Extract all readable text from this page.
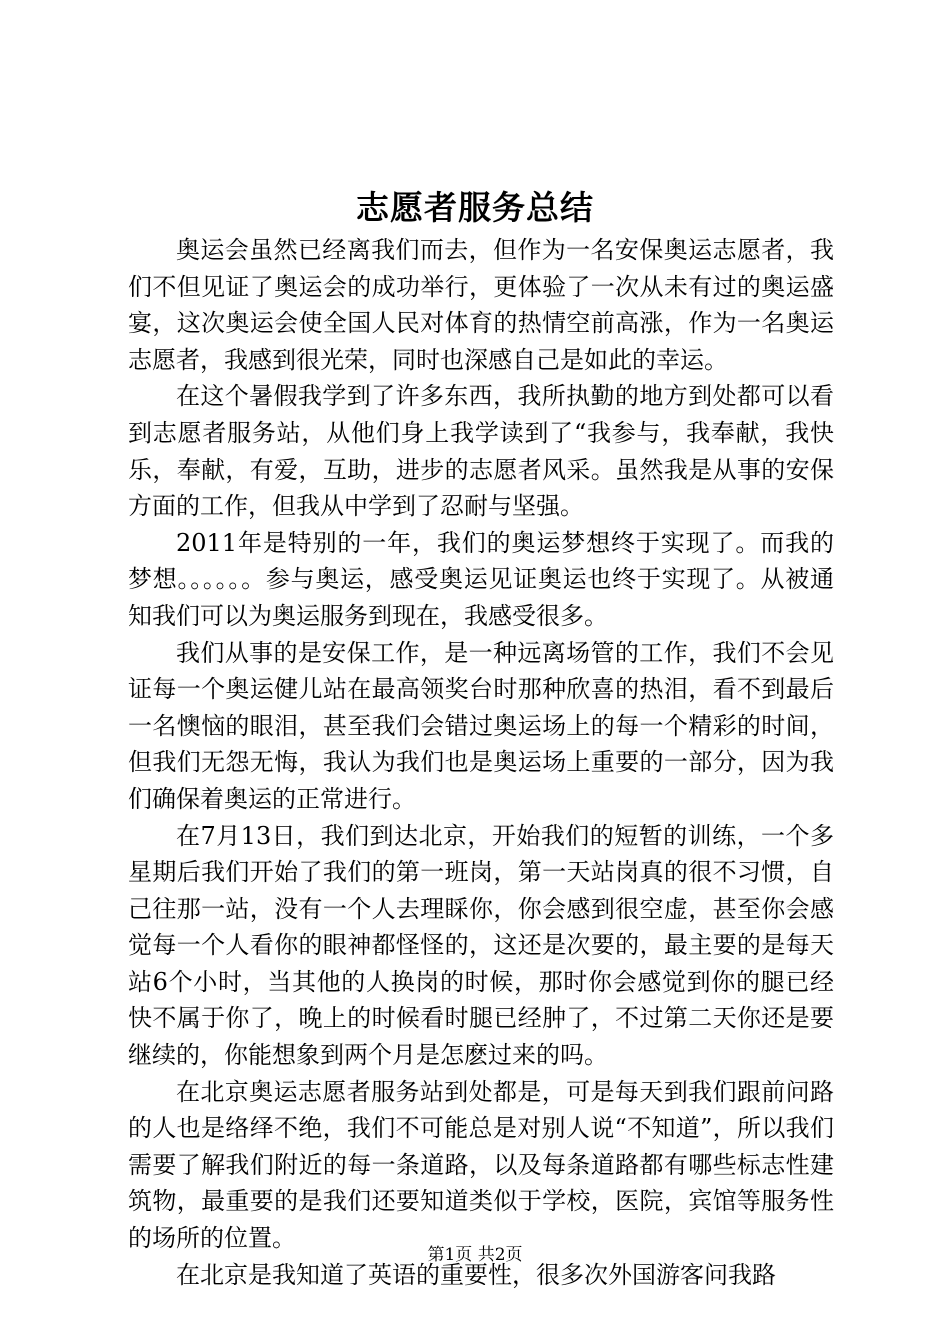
志愿者服务总结

奥运会虽然已经离我们而去，但作为一名安保奥运志愿者，我们不但见证了奥运会的成功举行，更体验了一次从未有过的奥运盛宴，这次奥运会使全国人民对体育的热情空前高涨，作为一名奥运志愿者，我感到很光荣，同时也深感自己是如此的幸运。

在这个暑假我学到了许多东西，我所执勤的地方到处都可以看到志愿者服务站，从他们身上我学读到了“我参与，我奉献，我快乐，奉献，有爱，互助，进步的志愿者风采。虽然我是从事的安保方面的工作，但我从中学到了忍耐与坚强。

2011年是特别的一年，我们的奥运梦想终于实现了。而我的梦想。。。。。。参与奥运，感受奥运见证奥运也终于实现了。从被通知我们可以为奥运服务到现在，我感受很多。

我们从事的是安保工作，是一种远离场管的工作，我们不会见证每一个奥运健儿站在最高领奖台时那种欣喜的热泪，看不到最后一名懊恼的眼泪，甚至我们会错过奥运场上的每一个精彩的时间，但我们无怨无悔，我认为我们也是奥运场上重要的一部分，因为我们确保着奥运的正常进行。

在7月13日，我们到达北京，开始我们的短暂的训练，一个多星期后我们开始了我们的第一班岗，第一天站岗真的很不习惯，自己往那一站，没有一个人去理睬你，你会感到很空虚，甚至你会感觉每一个人看你的眼神都怪怪的，这还是次要的，最主要的是每天站6个小时，当其他的人换岗的时候，那时你会感觉到你的腿已经快不属于你了，晚上的时候看时腿已经肿了，不过第二天你还是要继续的，你能想象到两个月是怎麽过来的吗。

在北京奥运志愿者服务站到处都是，可是每天到我们跟前问路的人也是络绎不绝，我们不可能总是对别人说“不知道”，所以我们需要了解我们附近的每一条道路，以及每条道路都有哪些标志性建筑物，最重要的是我们还要知道类似于学校，医院，宾馆等服务性的场所的位置。

在北京是我知道了英语的重要性，很多次外国游客问我路

第1页 共2页
